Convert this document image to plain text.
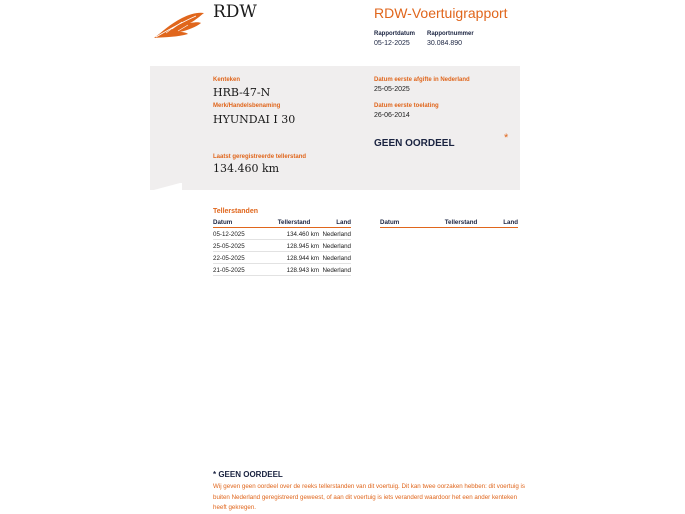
RDW	RDW-Voertuigrapport
Rapportdatum
05-12-2025
Rapportnummer
30.084.890
Kenteken
HRB-47-N
Merk/Handelsbenaming
HYUNDAI I 30
Laatst geregistreerde tellerstand
134.460 km
Datum eerste afgifte in Nederland
25-05-2025
Datum eerste toelating
26-06-2014
GEEN OORDEEL	*
Tellerstanden
Datum	Tellerstand	Land
05-12-2025	134.460 km	Nederland
25-05-2025	128.945 km	Nederland
22-05-2025	128.944 km	Nederland
21-05-2025	128.943 km	Nederland
Datum	Tellerstand	Land
* GEEN OORDEEL
Wij geven geen oordeel over de reeks tellerstanden van dit voertuig. Dit kan twee oorzaken hebben: dit voertuig is buiten Nederland geregistreerd geweest, of aan dit voertuig is iets veranderd waardoor het een ander kenteken heeft gekregen.
